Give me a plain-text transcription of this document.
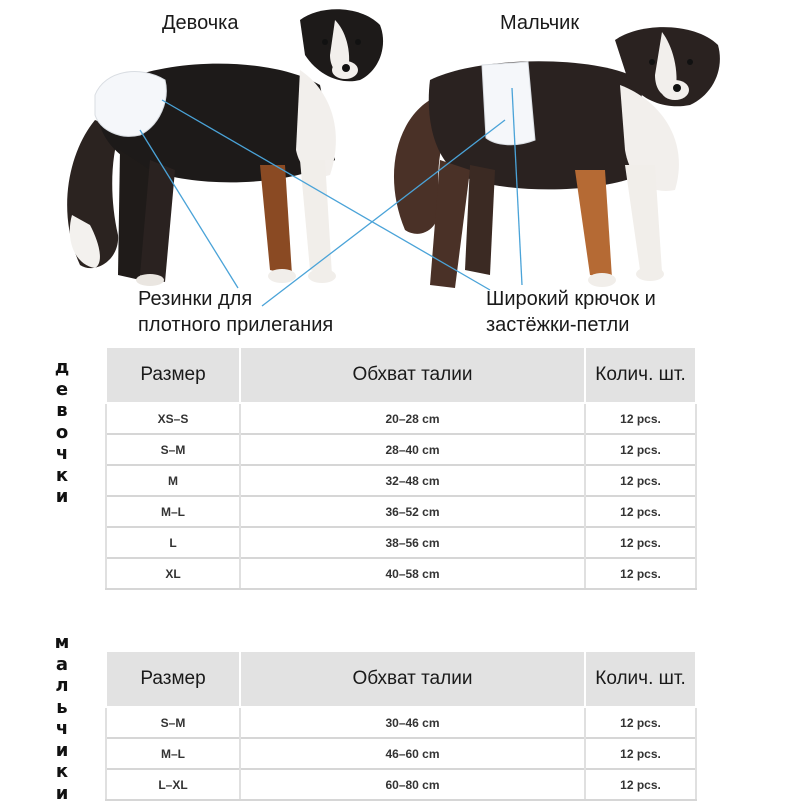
Девочка	Мальчик
Резинки для
плотного прилегания
Широкий крючок и
застёжки-петли
д
е
в
о
ч
к
и
Размер	Обхват талии	Колич. шт.
XS–S	20–28 cm	12 pcs.
S–M	28–40 cm	12 pcs.
M	32–48 cm	12 pcs.
M–L	36–52 cm	12 pcs.
L	38–56 cm	12 pcs.
XL	40–58 cm	12 pcs.
м
а
л
ь
ч
и
к
и
Размер	Обхват талии	Колич. шт.
S–M	30–46 cm	12 pcs.
M–L	46–60 cm	12 pcs.
L–XL	60–80 cm	12 pcs.
